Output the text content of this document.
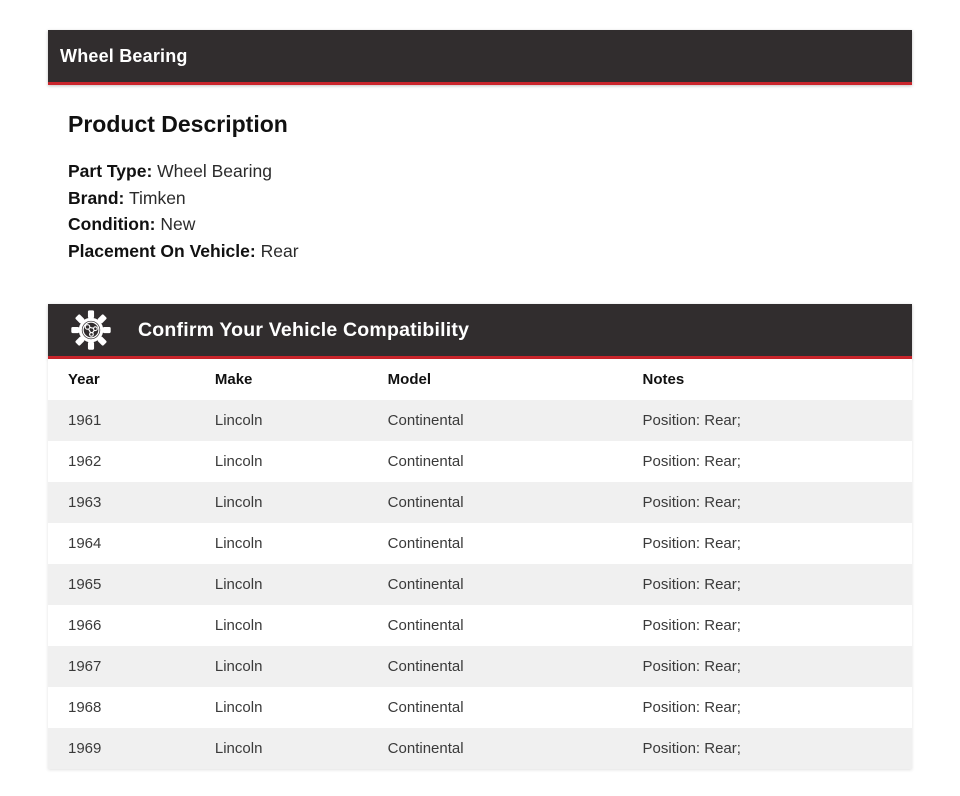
Wheel Bearing
Product Description
Part Type: Wheel Bearing
Brand: Timken
Condition: New
Placement On Vehicle: Rear
Confirm Your Vehicle Compatibility
Year	Make	Model	Notes
1961	Lincoln	Continental	Position: Rear;
1962	Lincoln	Continental	Position: Rear;
1963	Lincoln	Continental	Position: Rear;
1964	Lincoln	Continental	Position: Rear;
1965	Lincoln	Continental	Position: Rear;
1966	Lincoln	Continental	Position: Rear;
1967	Lincoln	Continental	Position: Rear;
1968	Lincoln	Continental	Position: Rear;
1969	Lincoln	Continental	Position: Rear;
